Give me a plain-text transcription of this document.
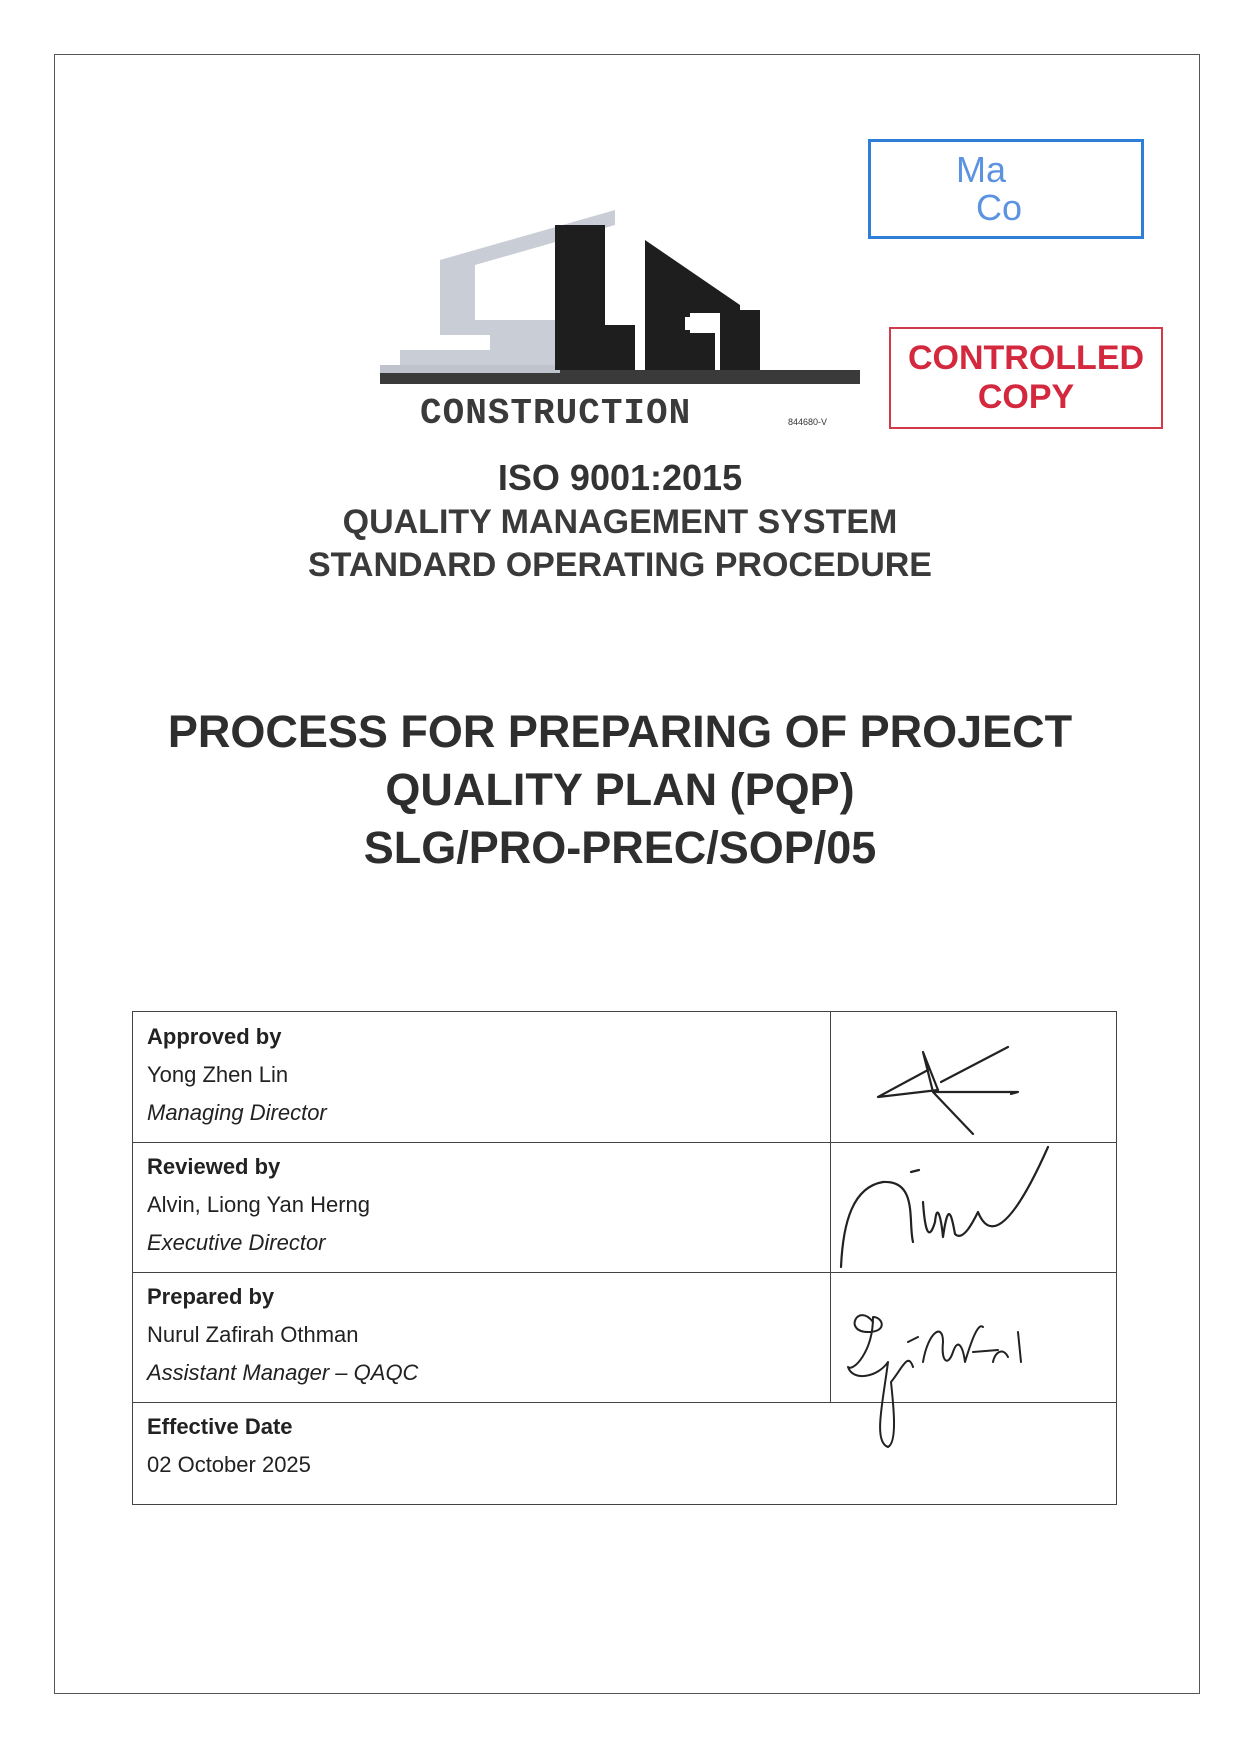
CONSTRUCTION	844680-V
Ma
Co
CONTROLLED
COPY
ISO 9001:2015
QUALITY MANAGEMENT SYSTEM
STANDARD OPERATING PROCEDURE
PROCESS FOR PREPARING OF PROJECT
QUALITY PLAN (PQP)
SLG/PRO-PREC/SOP/05
Approved by
Yong Zhen Lin
Managing Director
Reviewed by
Alvin, Liong Yan Herng
Executive Director
Prepared by
Nurul Zafirah Othman
Assistant Manager – QAQC
Effective Date
02 October 2025
